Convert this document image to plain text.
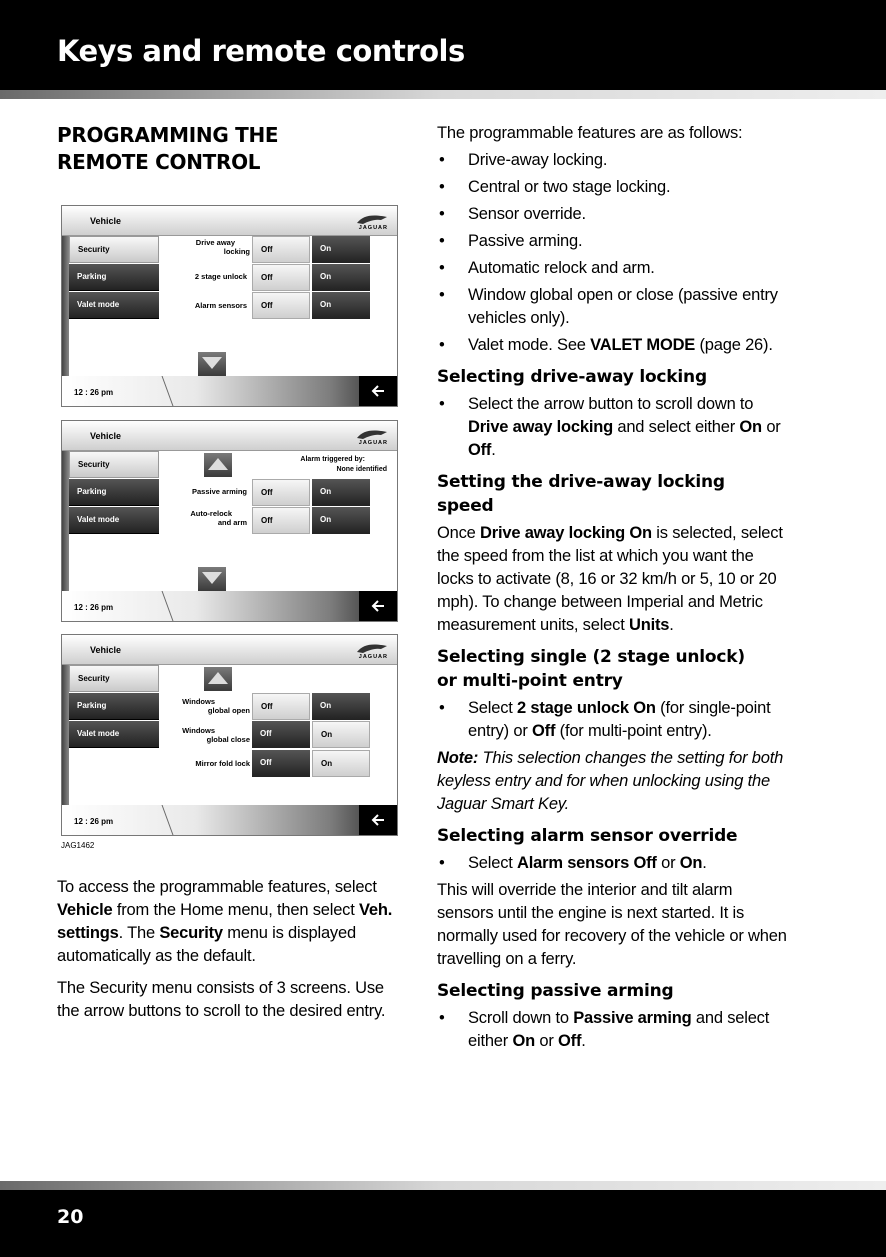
Keys and remote controls
PROGRAMMING THE REMOTE CONTROL
Vehicle
JAGUAR
Security
Parking
Valet mode
Drive away
locking	Off	On
2 stage unlock	Off	On
Alarm sensors	Off	On
12 : 26 pm
Vehicle
JAGUAR
Security
Parking
Valet mode
Alarm triggered by:
None identified
Passive arming	Off	On
Auto-relock
and arm	Off	On
12 : 26 pm
Vehicle
JAGUAR
Security
Parking
Valet mode
Windows
global open	Off	On
Windows
global close
Off	On
Mirror fold lock	Off	On
12 : 26 pm
JAG1462

To access the programmable features, select Vehicle from the Home menu, then select Veh. settings. The Security menu is displayed automatically as the default.

The Security menu consists of 3 screens. Use the arrow buttons to scroll to the desired entry.

The programmable features are as follows:
• Drive-away locking.
• Central or two stage locking.
• Sensor override.
• Passive arming.
• Automatic relock and arm.
• Window global open or close (passive entry vehicles only).
• Valet mode. See VALET MODE (page 26).
Selecting drive-away locking
• Select the arrow button to scroll down to Drive away locking and select either On or Off.
Setting the drive-away locking speed

Once Drive away locking On is selected, select the speed from the list at which you want the locks to activate (8, 16 or 32 km/h or 5, 10 or 20 mph). To change between Imperial and Metric measurement units, select Units.

Selecting single (2 stage unlock) or multi-point entry
• Select 2 stage unlock On (for single-point entry) or Off (for multi-point entry).

Note: This selection changes the setting for both keyless entry and for when unlocking using the Jaguar Smart Key.

Selecting alarm sensor override
• Select Alarm sensors Off or On.

This will override the interior and tilt alarm sensors until the engine is next started. It is normally used for recovery of the vehicle or when travelling on a ferry.

Selecting passive arming
• Scroll down to Passive arming and select either On or Off.
20
